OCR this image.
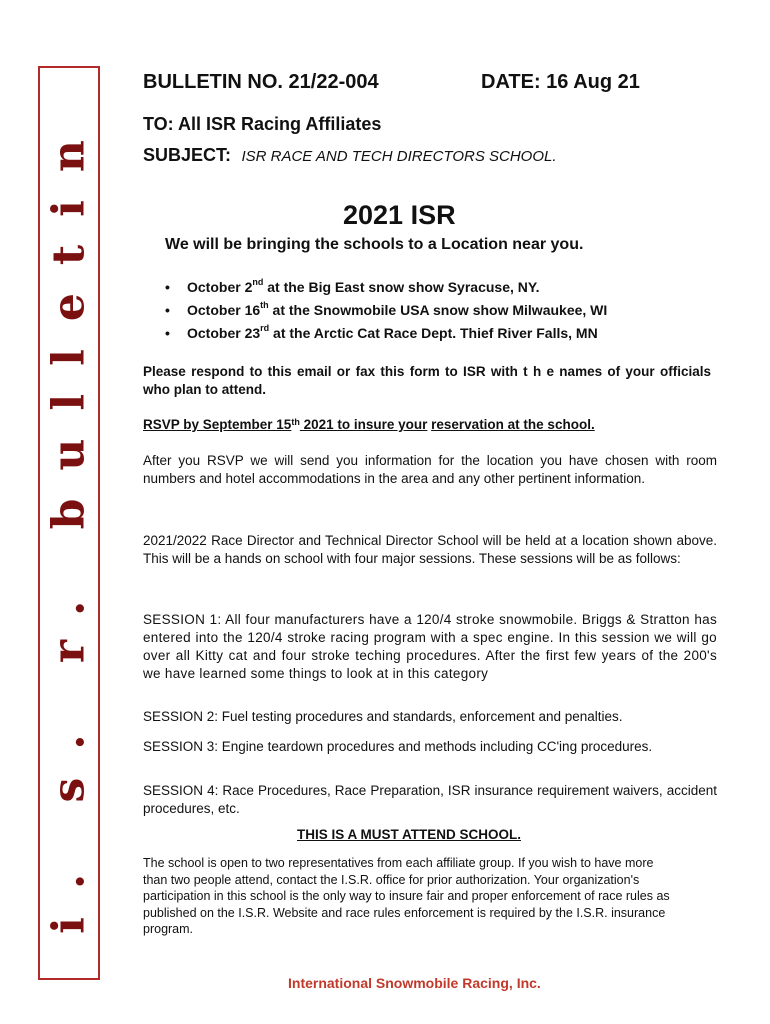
i. s. r. bulletin
BULLETIN NO. 21/22-004	DATE: 16 Aug 21
TO: All ISR Racing Affiliates
SUBJECT: ISR RACE AND TECH DIRECTORS SCHOOL.
2021 ISR
We will be bringing the schools to a Location near you.
• October 2nd at the Big East snow show Syracuse, NY.
• October 16th at the Snowmobile USA snow show Milwaukee, WI
• October 23rd at the Arctic Cat Race Dept. Thief River Falls, MN
Please respond to this email or fax this form to ISR with t h e names of your officials who plan to attend.
RSVP by September 15th 2021 to insure your reservation at the school.
After you RSVP we will send you information for the location you have chosen with room numbers and hotel accommodations in the area and any other pertinent information.
2021/2022 Race Director and Technical Director School will be held at a location shown above. This will be a hands on school with four major sessions. These sessions will be as follows:
SESSION 1: All four manufacturers have a 120/4 stroke snowmobile. Briggs & Stratton has entered into the 120/4 stroke racing program with a spec engine. In this session we will go over all Kitty cat and four stroke teching procedures. After the first few years of the 200's we have learned some things to look at in this category
SESSION 2: Fuel testing procedures and standards, enforcement and penalties.
SESSION 3: Engine teardown procedures and methods including CC'ing procedures.
SESSION 4: Race Procedures, Race Preparation, ISR insurance requirement waivers, accident procedures, etc.
THIS IS A MUST ATTEND SCHOOL.
The school is open to two representatives from each affiliate group. If you wish to have more than two people attend, contact the I.S.R. office for prior authorization. Your organization's participation in this school is the only way to insure fair and proper enforcement of race rules as published on the I.S.R. Website and race rules enforcement is required by the I.S.R. insurance program.
International Snowmobile Racing, Inc.
